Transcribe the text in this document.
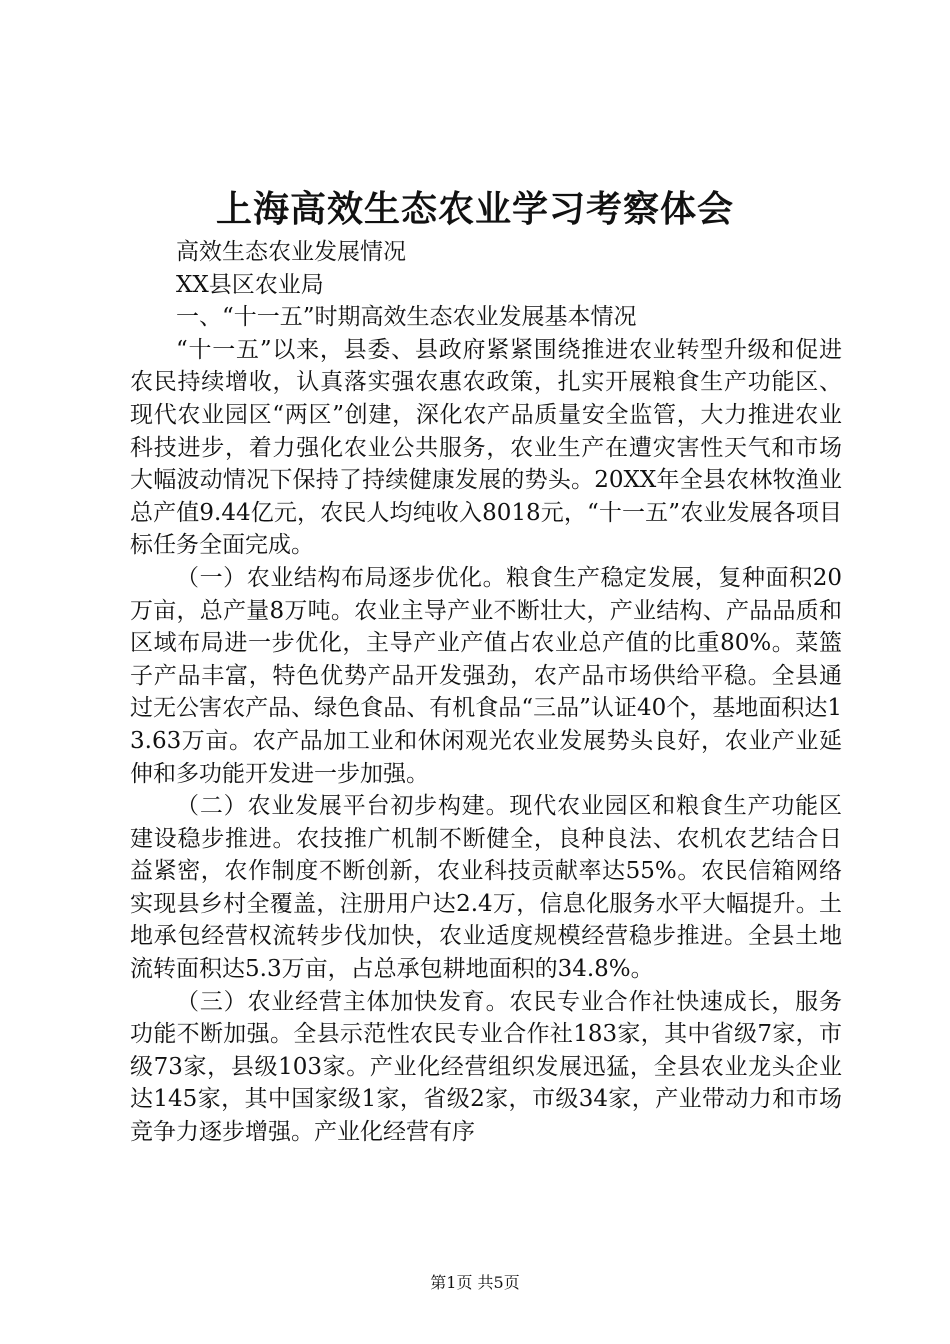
上海高效生态农业学习考察体会

高效生态农业发展情况

XX县区农业局

一、“十一五”时期高效生态农业发展基本情况

“十一五”以来，县委、县政府紧紧围绕推进农业转型升级和促进农民持续增收，认真落实强农惠农政策，扎实开展粮食生产功能区、现代农业园区“两区”创建，深化农产品质量安全监管，大力推进农业科技进步，着力强化农业公共服务，农业生产在遭灾害性天气和市场大幅波动情况下保持了持续健康发展的势头。20XX年全县农林牧渔业总产值9.44亿元，农民人均纯收入8018元，“十一五”农业发展各项目标任务全面完成。

（一）农业结构布局逐步优化。粮食生产稳定发展，复种面积20万亩，总产量8万吨。农业主导产业不断壮大，产业结构、产品品质和区域布局进一步优化，主导产业产值占农业总产值的比重80%。菜篮子产品丰富，特色优势产品开发强劲，农产品市场供给平稳。全县通过无公害农产品、绿色食品、有机食品“三品”认证40个，基地面积达13.63万亩。农产品加工业和休闲观光农业发展势头良好，农业产业延伸和多功能开发进一步加强。

（二）农业发展平台初步构建。现代农业园区和粮食生产功能区建设稳步推进。农技推广机制不断健全，良种良法、农机农艺结合日益紧密，农作制度不断创新，农业科技贡献率达55%。农民信箱网络实现县乡村全覆盖，注册用户达2.4万，信息化服务水平大幅提升。土地承包经营权流转步伐加快，农业适度规模经营稳步推进。全县土地流转面积达5.3万亩，占总承包耕地面积的34.8%。

（三）农业经营主体加快发育。农民专业合作社快速成长，服务功能不断加强。全县示范性农民专业合作社183家，其中省级7家，市级73家，县级103家。产业化经营组织发展迅猛，全县农业龙头企业达145家，其中国家级1家，省级2家，市级34家，产业带动力和市场竞争力逐步增强。产业化经营有序

第1页 共5页
